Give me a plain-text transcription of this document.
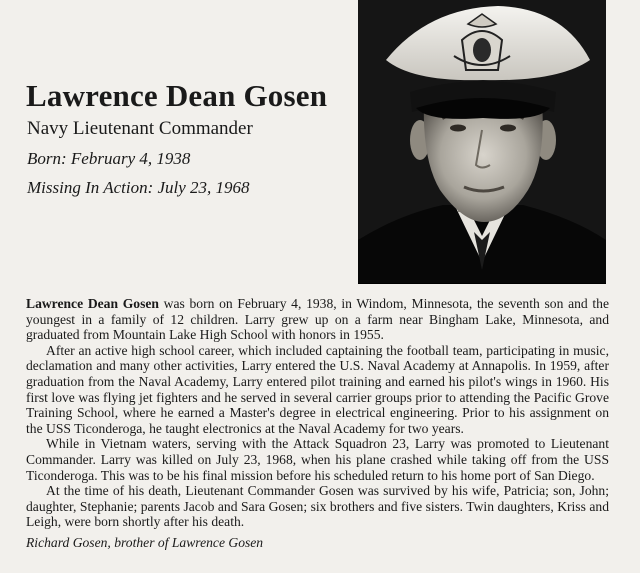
Lawrence Dean Gosen
Navy Lieutenant Commander
Born: February 4, 1938
Missing In Action: July 23, 1968

Lawrence Dean Gosen was born on February 4, 1938, in Windom, Minnesota, the seventh son and the youngest in a family of 12 children. Larry grew up on a farm near Bingham Lake, Minnesota, and graduated from Mountain Lake High School with honors in 1955.

After an active high school career, which included captaining the football team, participating in music, declamation and many other activities, Larry entered the U.S. Naval Academy at Annapolis. In 1959, after graduation from the Naval Academy, Larry entered pilot training and earned his pilot's wings in 1960. His first love was flying jet fighters and he served in several carrier groups prior to attending the Pacific Grove Training School, where he earned a Master's degree in electrical engineering. Prior to his assignment on the USS Ticonderoga, he taught electronics at the Naval Academy for two years.

While in Vietnam waters, serving with the Attack Squadron 23, Larry was promoted to Lieutenant Commander. Larry was killed on July 23, 1968, when his plane crashed while taking off from the USS Ticonderoga. This was to be his final mission before his scheduled return to his home port of San Diego.

At the time of his death, Lieutenant Commander Gosen was survived by his wife, Patricia; son, John; daughter, Stephanie; parents Jacob and Sara Gosen; six brothers and five sisters. Twin daughters, Kriss and Leigh, were born shortly after his death.

Richard Gosen, brother of Lawrence Gosen
